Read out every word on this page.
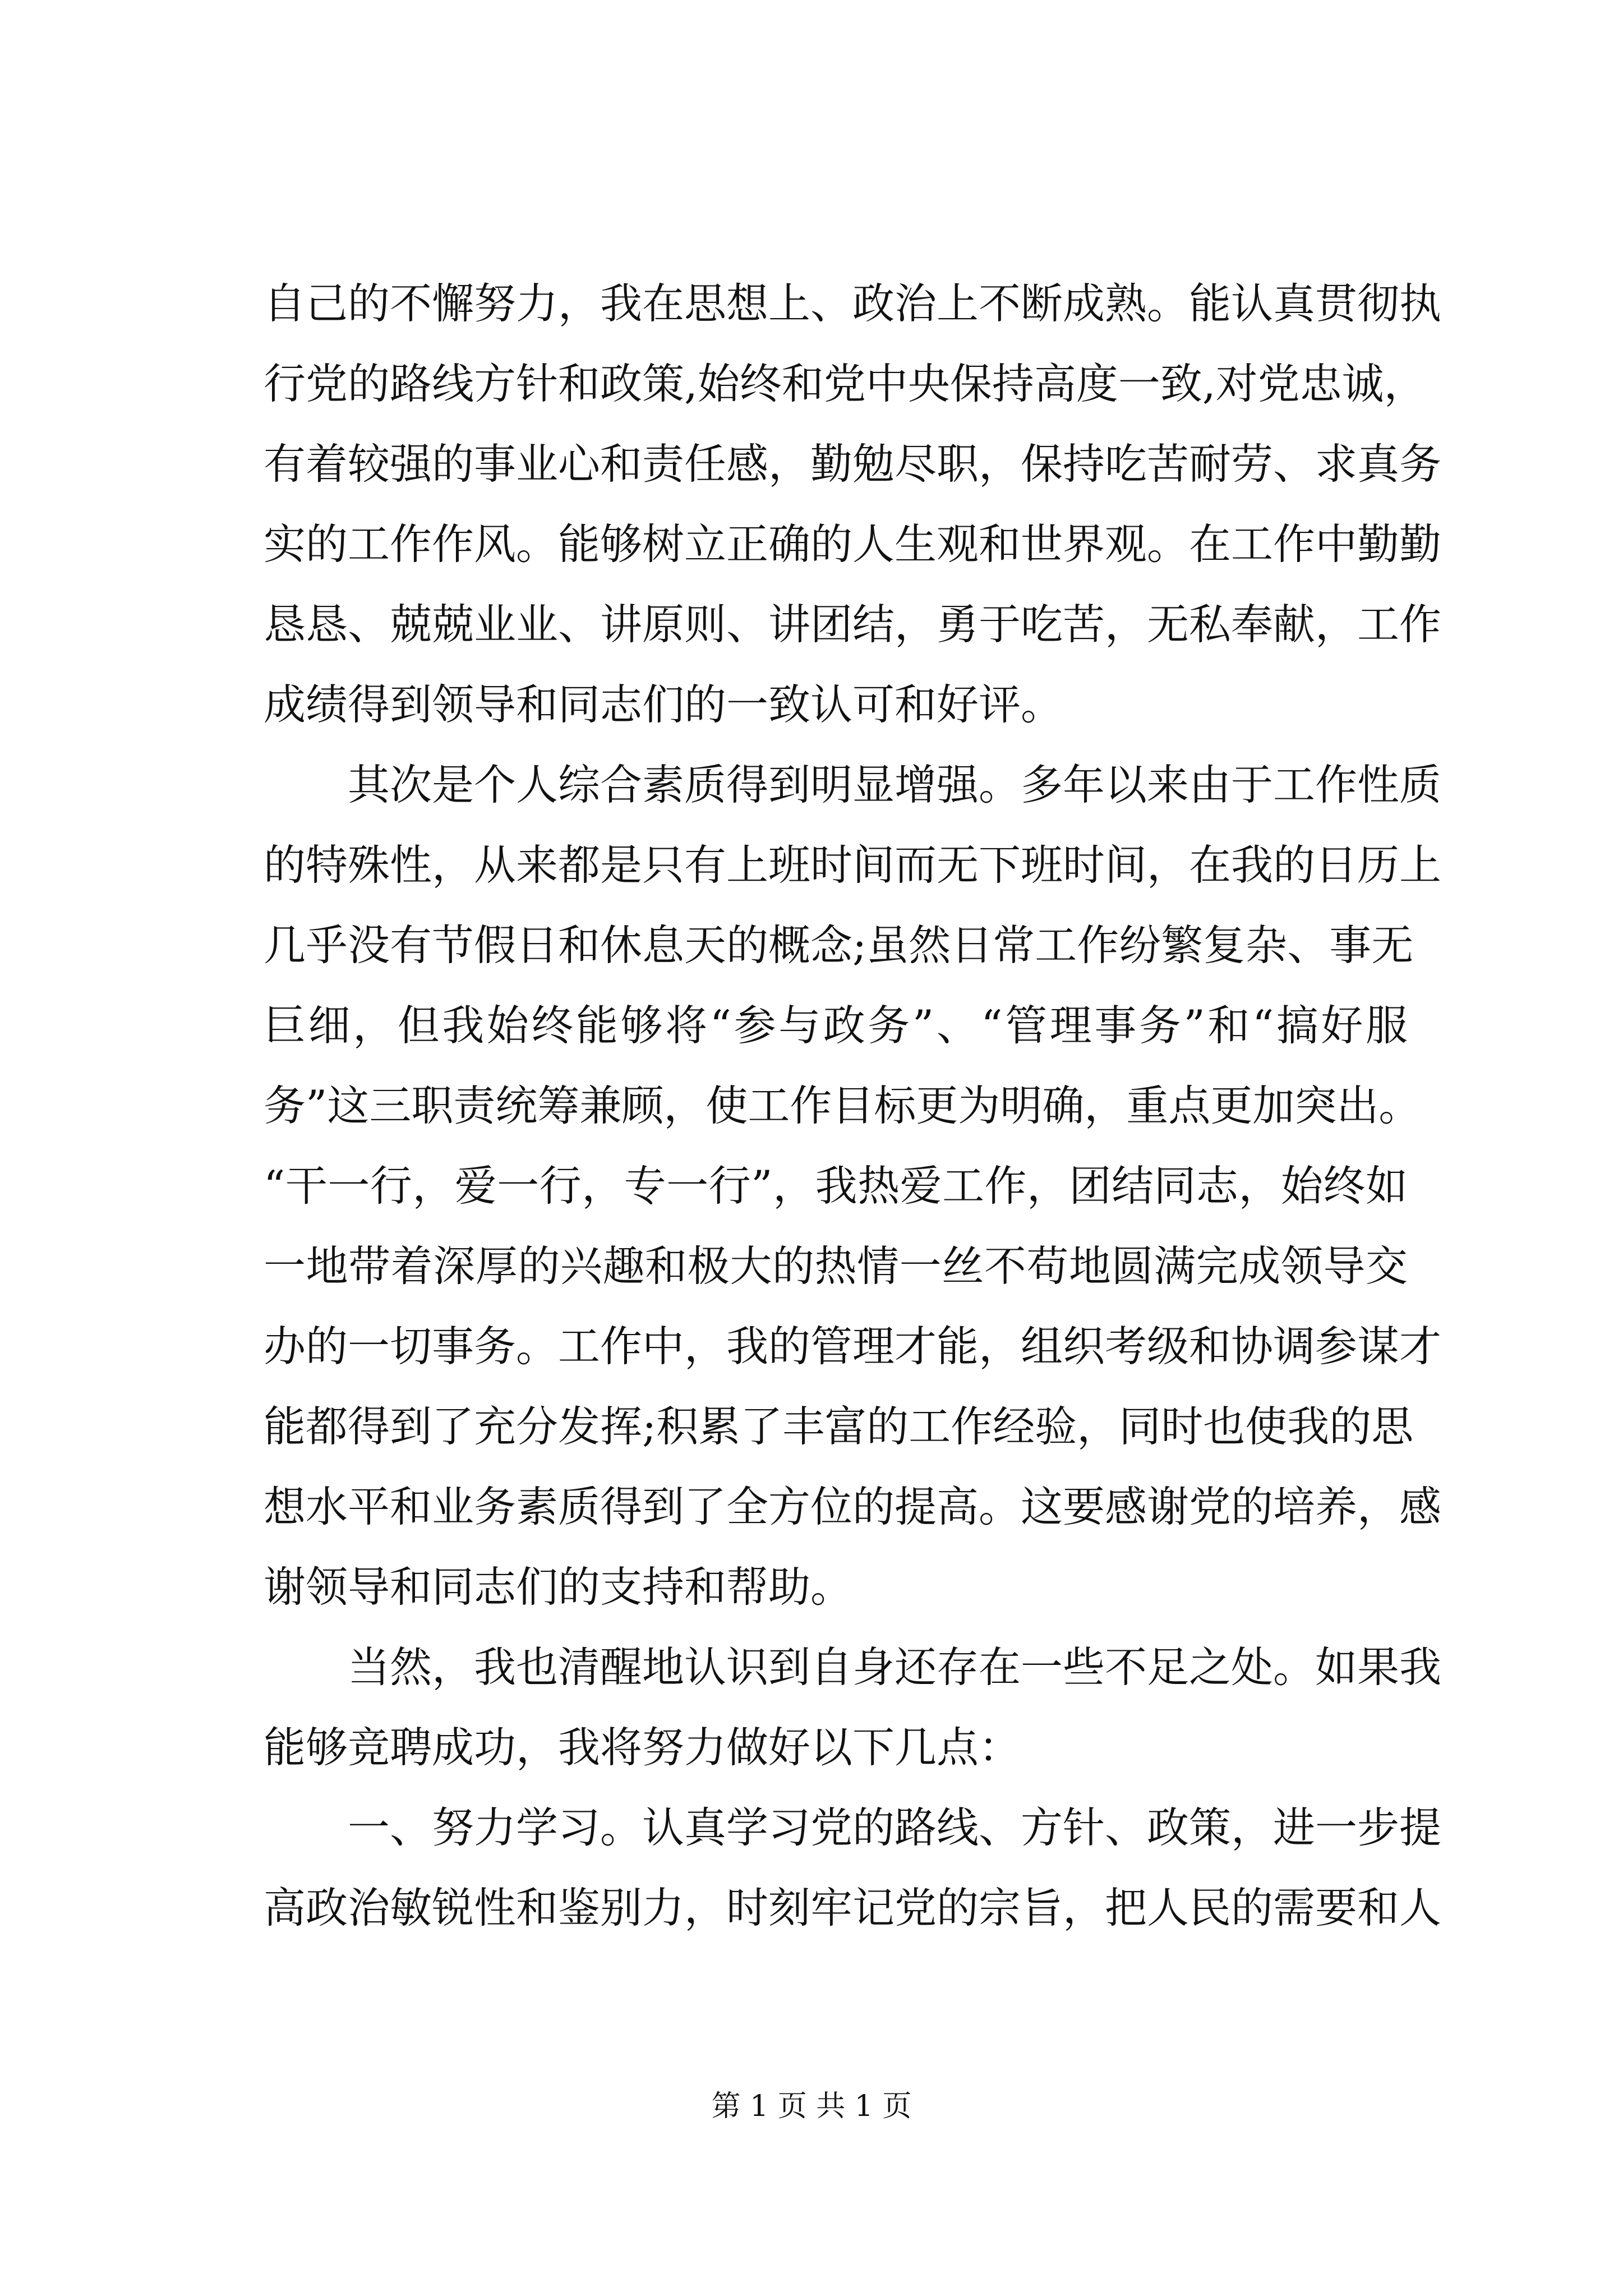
自己的不懈努力，我在思想上、政治上不断成熟。能认真贯彻执
行党的路线方针和政策,始终和党中央保持高度一致,对党忠诚，
有着较强的事业心和责任感，勤勉尽职，保持吃苦耐劳、求真务
实的工作作风。能够树立正确的人生观和世界观。在工作中勤勤
恳恳、兢兢业业、讲原则、讲团结，勇于吃苦，无私奉献，工作
成绩得到领导和同志们的一致认可和好评。
　　其次是个人综合素质得到明显增强。多年以来由于工作性质
的特殊性，从来都是只有上班时间而无下班时间，在我的日历上
几乎没有节假日和休息天的概念;虽然日常工作纷繁复杂、事无
巨细，但我始终能够将“参与政务”、“管理事务”和“搞好服
务”这三职责统筹兼顾，使工作目标更为明确，重点更加突出。
“干一行，爱一行，专一行”，我热爱工作，团结同志，始终如
一地带着深厚的兴趣和极大的热情一丝不苟地圆满完成领导交
办的一切事务。工作中，我的管理才能，组织考级和协调参谋才
能都得到了充分发挥;积累了丰富的工作经验，同时也使我的思
想水平和业务素质得到了全方位的提高。这要感谢党的培养，感
谢领导和同志们的支持和帮助。
　　当然，我也清醒地认识到自身还存在一些不足之处。如果我
能够竞聘成功，我将努力做好以下几点：
　　一、努力学习。认真学习党的路线、方针、政策，进一步提
高政治敏锐性和鉴别力，时刻牢记党的宗旨，把人民的需要和人
第 1 页 共 1 页
